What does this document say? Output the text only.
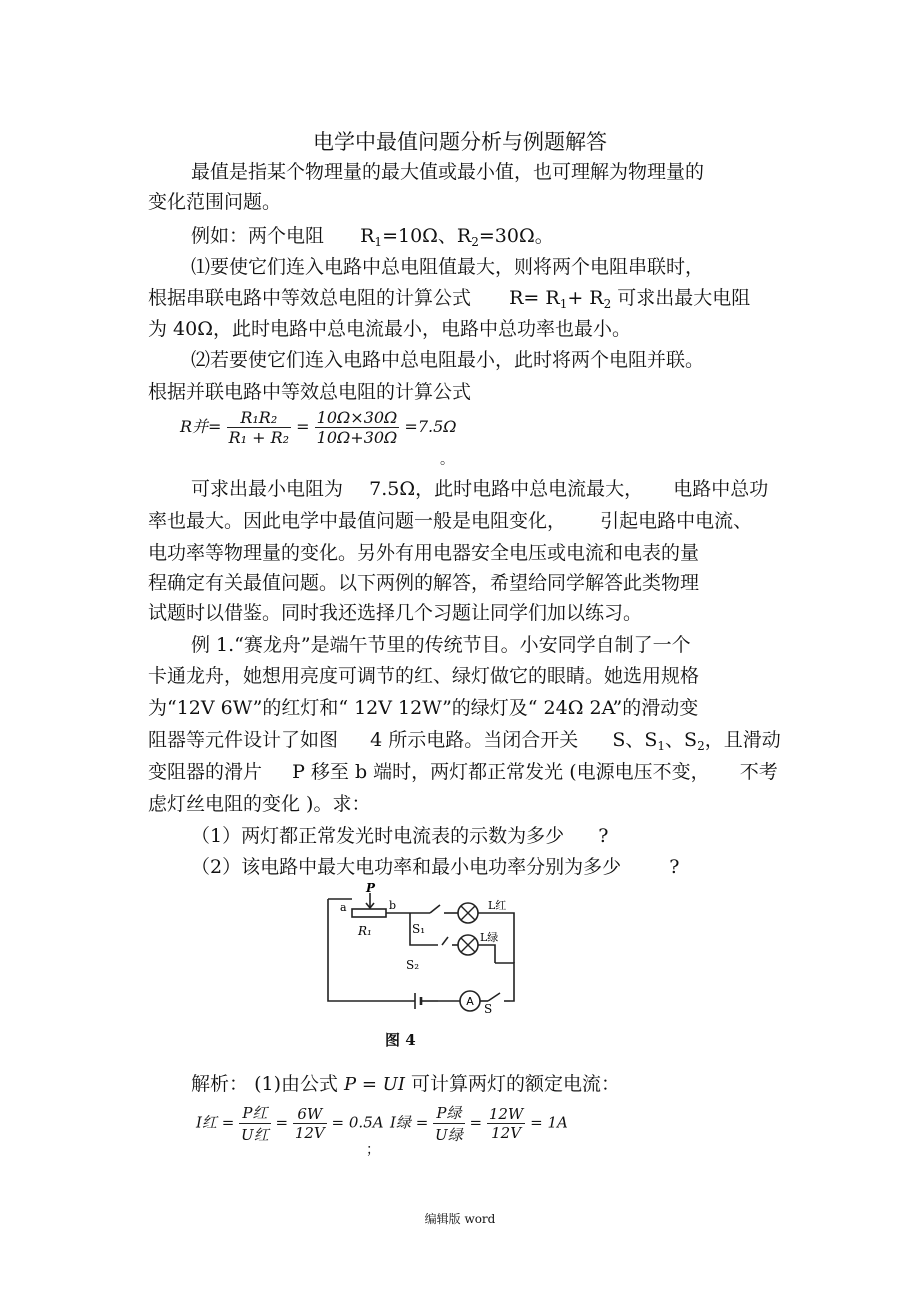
电学中最值问题分析与例题解答
最值是指某个物理量的最大值或最小值，也可理解为物理量的
变化范围问题。
例如：两个电阻 $R_1=10\Omega$、$R_2=30\Omega$。
⑴要使它们连入电路中总电阻值最大，则将两个电阻串联时，
根据串联电路中等效总电阻的计算公式 $R= R_1+ R_2$ 可求出最大电阻
为 40Ω，此时电路中总电流最小，电路中总功率也最小。
⑵若要使它们连入电路中总电阻最小，此时将两个电阻并联。
根据并联电路中等效总电阻的计算公式
R并= $\frac{\text{R₁R₂}}{\text{R₁ + R₂}} = \frac{10\Omega\times 30\Omega}{10\Omega+30\Omega} =7.5\Omega$
。
可求出最小电阻为 7.5Ω，此时电路中总电流最大， 电路中总功
率也最大。因此电学中最值问题一般是电阻变化， 引起电路中电流、
电功率等物理量的变化。另外有用电器安全电压或电流和电表的量
程确定有关最值问题。以下两例的解答，希望给同学解答此类物理
试题时以借鉴。同时我还选择几个习题让同学们加以练习。
例 1.“赛龙舟”是端午节里的传统节目。小安同学自制了一个
卡通龙舟，她想用亮度可调节的红、绿灯做它的眼睛。她选用规格
为“12V 6W”的红灯和“ 12V 12W”的绿灯及“ 24Ω 2A”的滑动变
阻器等元件设计了如图 4 所示电路。当闭合开关 S、$S_1$、$S_2$，且滑动
变阻器的滑片 P 移至 b 端时，两灯都正常发光 (电源电压不变， 不考
虑灯丝电阻的变化 )。求：
（1）两灯都正常发光时电流表的示数为多少 ?
（2）该电路中最大电功率和最小电功率分别为多少	?
A
P
a	b
R₁	S₁
S₂
L红
L绿
S
图 4
解析： (1)由公式 P = UI 可计算两灯的额定电流：
I红 = $\frac{\text{P红}}{\text{U红}} = \frac{6W}{12V} = 0.5A$
；
I绿 = $\frac{\text{P绿}}{\text{U绿}} = \frac{12W}{12V} = 1A$
编辑版 word
